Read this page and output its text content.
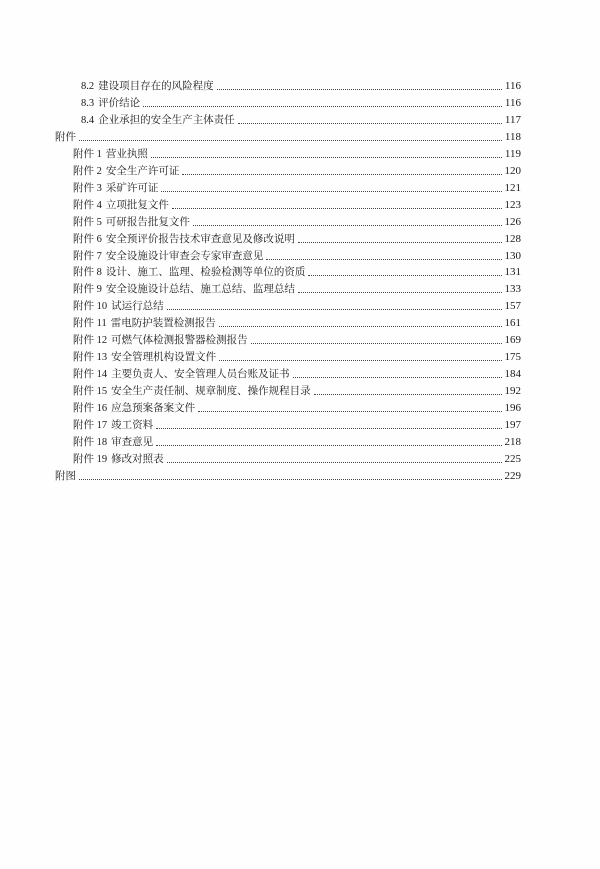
8.2 建设项目存在的风险程度	116
8.3 评价结论	116
8.4 企业承担的安全生产主体责任	117
附件	118
附件 1 营业执照	119
附件 2 安全生产许可证	120
附件 3 采矿许可证	121
附件 4 立项批复文件	123
附件 5 可研报告批复文件	126
附件 6 安全预评价报告技术审查意见及修改说明	128
附件 7 安全设施设计审查会专家审查意见	130
附件 8 设计、施工、监理、检验检测等单位的资质	131
附件 9 安全设施设计总结、施工总结、监理总结	133
附件 10 试运行总结	157
附件 11 雷电防护装置检测报告	161
附件 12 可燃气体检测报警器检测报告	169
附件 13 安全管理机构设置文件	175
附件 14 主要负责人、安全管理人员台账及证书	184
附件 15 安全生产责任制、规章制度、操作规程目录	192
附件 16 应急预案备案文件	196
附件 17 竣工资料	197
附件 18 审查意见	218
附件 19 修改对照表	225
附图	229
